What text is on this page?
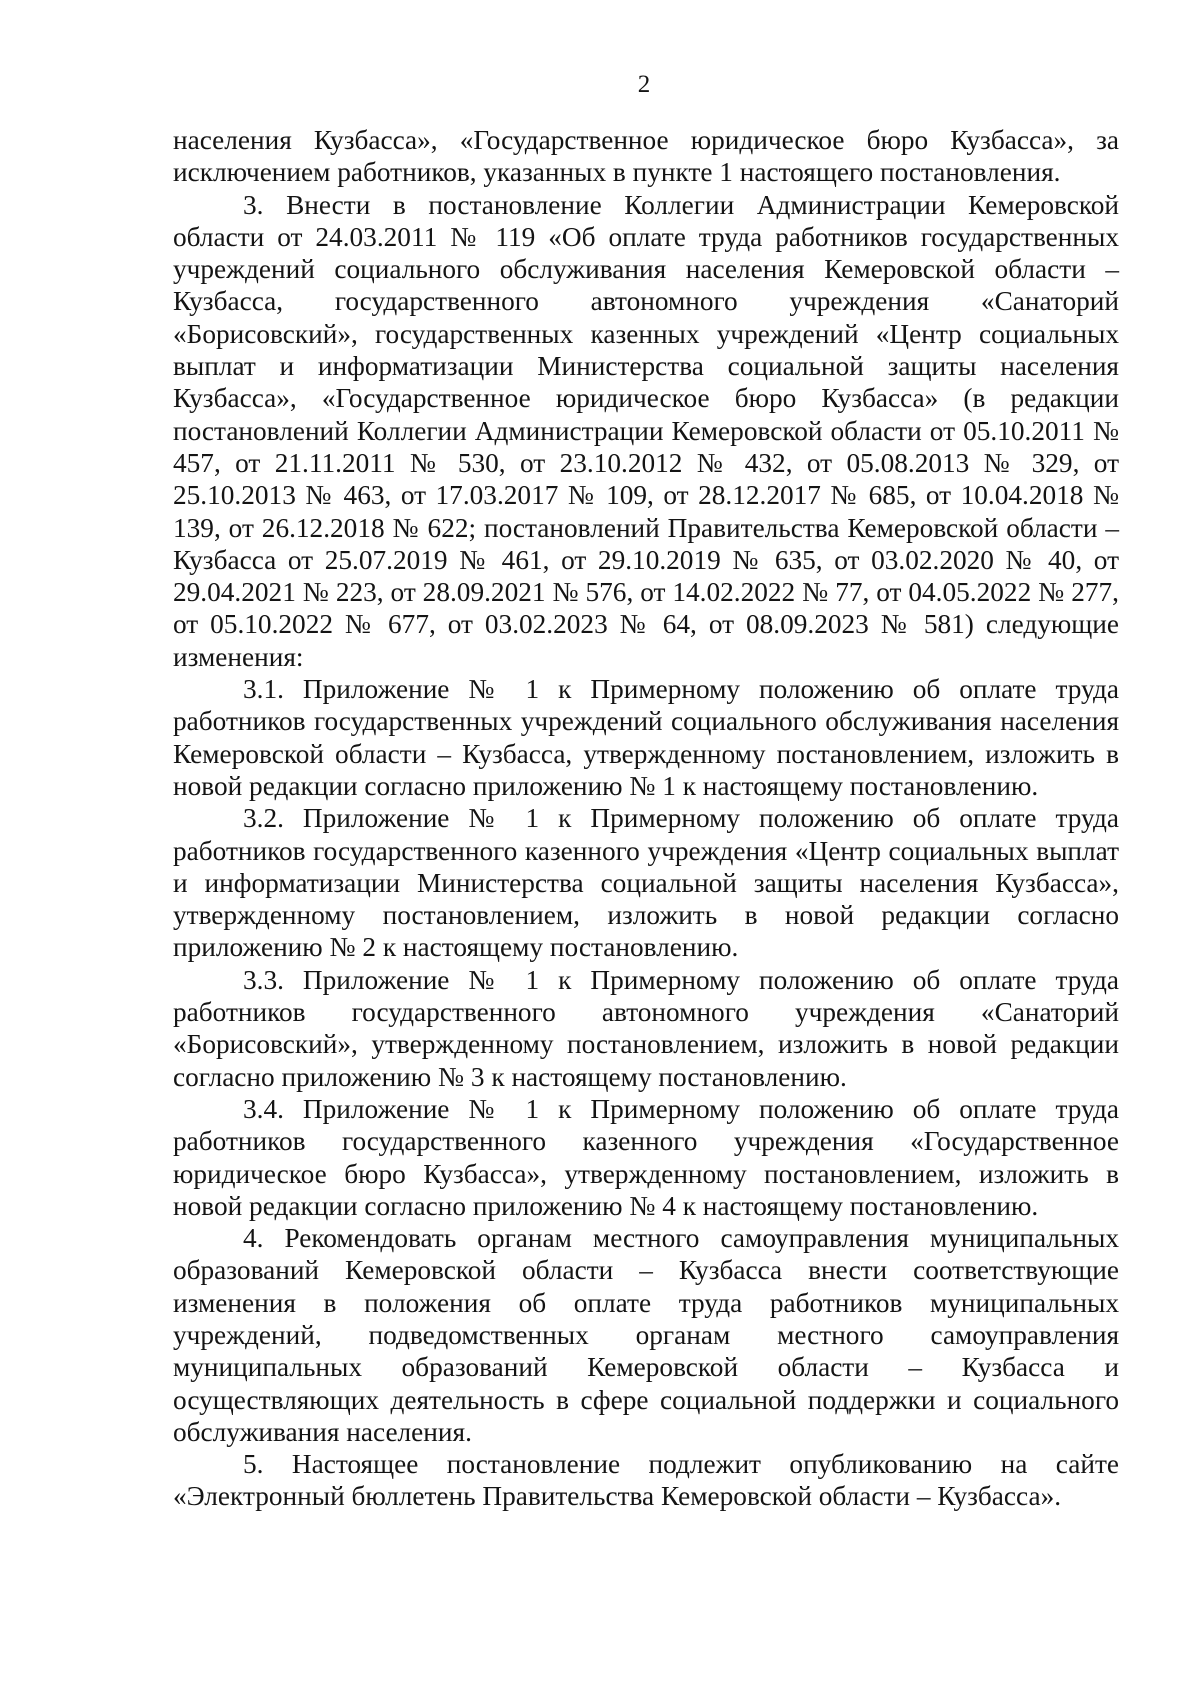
2

населения Кузбасса», «Государственное юридическое бюро Кузбасса», за исключением работников, указанных в пункте 1 настоящего постановления.

3. Внести в постановление Коллегии Администрации Кемеровской области от 24.03.2011 № 119 «Об оплате труда работников государственных учреждений социального обслуживания населения Кемеровской области – Кузбасса, государственного автономного учреждения «Санаторий «Борисовский», государственных казенных учреждений «Центр социальных выплат и информатизации Министерства социальной защиты населения Кузбасса», «Государственное юридическое бюро Кузбасса» (в редакции постановлений Коллегии Администрации Кемеровской области от 05.10.2011 № 457, от 21.11.2011 № 530, от 23.10.2012 № 432, от 05.08.2013 № 329, от 25.10.2013 № 463, от 17.03.2017 № 109, от 28.12.2017 № 685, от 10.04.2018 № 139, от 26.12.2018 № 622; постановлений Правительства Кемеровской области – Кузбасса от 25.07.2019 № 461, от 29.10.2019 № 635, от 03.02.2020 № 40, от 29.04.2021 № 223, от 28.09.2021 № 576, от 14.02.2022 № 77, от 04.05.2022 № 277, от 05.10.2022 № 677, от 03.02.2023 № 64, от 08.09.2023 № 581) следующие изменения:

3.1. Приложение № 1 к Примерному положению об оплате труда работников государственных учреждений социального обслуживания населения Кемеровской области – Кузбасса, утвержденному постановлением, изложить в новой редакции согласно приложению № 1 к настоящему постановлению.

3.2. Приложение № 1 к Примерному положению об оплате труда работников государственного казенного учреждения «Центр социальных выплат и информатизации Министерства социальной защиты населения Кузбасса», утвержденному постановлением, изложить в новой редакции согласно приложению № 2 к настоящему постановлению.

3.3. Приложение № 1 к Примерному положению об оплате труда работников государственного автономного учреждения «Санаторий «Борисовский», утвержденному постановлением, изложить в новой редакции согласно приложению № 3 к настоящему постановлению.

3.4. Приложение № 1 к Примерному положению об оплате труда работников государственного казенного учреждения «Государственное юридическое бюро Кузбасса», утвержденному постановлением, изложить в новой редакции согласно приложению № 4 к настоящему постановлению.

4. Рекомендовать органам местного самоуправления муниципальных образований Кемеровской области – Кузбасса внести соответствующие изменения в положения об оплате труда работников муниципальных учреждений, подведомственных органам местного самоуправления муниципальных образований Кемеровской области – Кузбасса и осуществляющих деятельность в сфере социальной поддержки и социального обслуживания населения.

5. Настоящее постановление подлежит опубликованию на сайте «Электронный бюллетень Правительства Кемеровской области – Кузбасса».
